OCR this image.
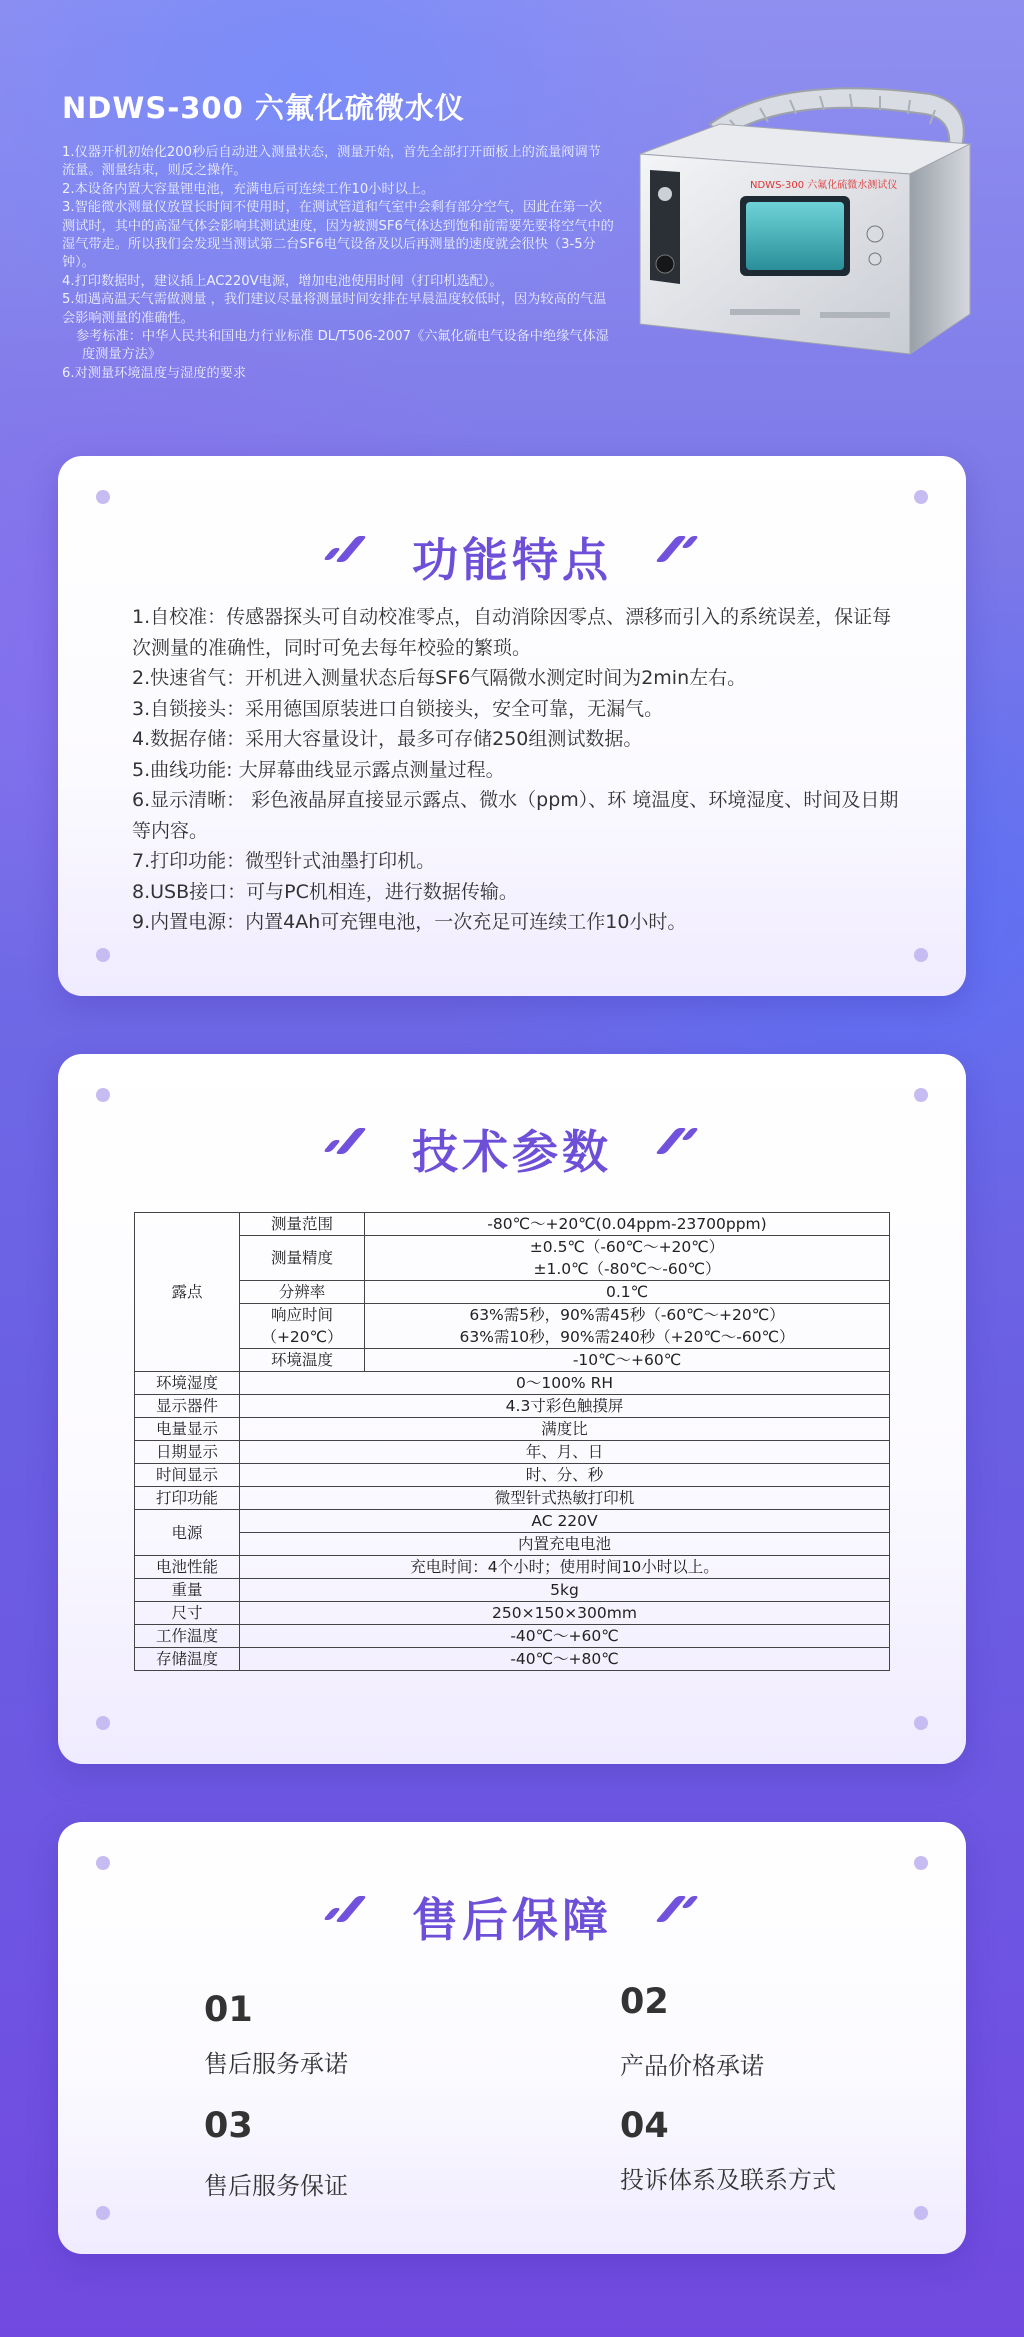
NDWS-300 六氟化硫微水仪
1.仪器开机初始化200秒后自动进入测量状态，测量开始，首先全部打开面板上的流量阀调节流量。测量结束，则反之操作。
2.本设备内置大容量锂电池，充满电后可连续工作10小时以上。
3.智能微水测量仪放置长时间不使用时，在测试管道和气室中会剩有部分空气，因此在第一次测试时，其中的高湿气体会影响其测试速度，因为被测SF6气体达到饱和前需要先要将空气中的湿气带走。所以我们会发现当测试第二台SF6电气设备及以后再测量的速度就会很快（3-5分钟）。
4.打印数据时，建议插上AC220V电源，增加电池使用时间（打印机选配）。
5.如遇高温天气需做测量 ，我们建议尽量将测量时间安排在早晨温度较低时，因为较高的气温会影响测量的准确性。
参考标准：中华人民共和国电力行业标准 DL/T506-2007《六氟化硫电气设备中绝缘气体湿度测量方法》
6.对测量环境温度与湿度的要求
NDWS-300 六氟化硫微水测试仪
功能特点
1.自校准：传感器探头可自动校准零点，自动消除因零点、漂移而引入的系统误差，保证每次测量的准确性，同时可免去每年校验的繁琐。
2.快速省气：开机进入测量状态后每SF6气隔微水测定时间为2min左右。
3.自锁接头：采用德国原装进口自锁接头，安全可靠，无漏气。
4.数据存储：采用大容量设计，最多可存储250组测试数据。
5.曲线功能: 大屏幕曲线显示露点测量过程。
6.显示清晰： 彩色液晶屏直接显示露点、微水（ppm）、环 境温度、环境湿度、时间及日期等内容。
7.打印功能：微型针式油墨打印机。
8.USB接口：可与PC机相连，进行数据传输。
9.内置电源：内置4Ah可充锂电池，一次充足可连续工作10小时。
技术参数
露点	测量范围	-80℃～+20℃(0.04ppm-23700ppm)
	测量精度	±0.5℃（-60℃～+20℃）
±1.0℃（-80℃～-60℃）
	分辨率	0.1℃
	响应时间
（+20℃）	63%需5秒，90%需45秒（-60℃～+20℃）
63%需10秒，90%需240秒（+20℃～-60℃）
	环境温度	-10℃～+60℃
环境湿度	0～100% RH	
显示器件	4.3寸彩色触摸屏	
电量显示	满度比	
日期显示	年、月、日	
时间显示	时、分、秒	
打印功能	微型针式热敏打印机	
电源	AC 220V	
	内置充电电池	
电池性能	充电时间：4个小时；使用时间10小时以上。	
重量	5kg	
尺寸	250×150×300mm	
工作温度	-40℃～+60℃	
存储温度	-40℃～+80℃	
售后保障
01
售后服务承诺
02
产品价格承诺
03
售后服务保证
04
投诉体系及联系方式
